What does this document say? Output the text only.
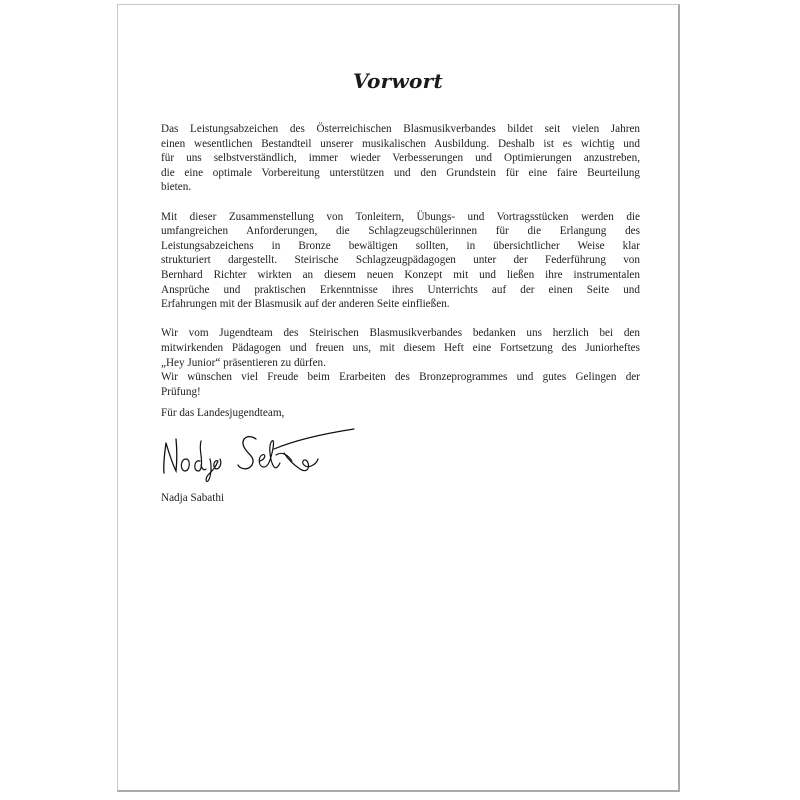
Vorwort

Das Leistungsabzeichen des Österreichischen Blasmusikverbandes bildet seit vielen Jahren
einen wesentlichen Bestandteil unserer musikalischen Ausbildung. Deshalb ist es wichtig und
für uns selbstverständlich, immer wieder Verbesserungen und Optimierungen anzustreben,
die eine optimale Vorbereitung unterstützen und den Grundstein für eine faire Beurteilung
bieten.

Mit dieser Zusammenstellung von Tonleitern, Übungs- und Vortragsstücken werden die
umfangreichen Anforderungen, die Schlagzeugschülerinnen für die Erlangung des
Leistungsabzeichens in Bronze bewältigen sollten, in übersichtlicher Weise klar
strukturiert dargestellt. Steirische Schlagzeugpädagogen unter der Federführung von
Bernhard Richter wirkten an diesem neuen Konzept mit und ließen ihre instrumentalen
Ansprüche und praktischen Erkenntnisse ihres Unterrichts auf der einen Seite und
Erfahrungen mit der Blasmusik auf der anderen Seite einfließen.

Wir vom Jugendteam des Steirischen Blasmusikverbandes bedanken uns herzlich bei den
mitwirkenden Pädagogen und freuen uns, mit diesem Heft eine Fortsetzung des Juniorheftes
„Hey Junior“ präsentieren zu dürfen.
Wir wünschen viel Freude beim Erarbeiten des Bronzeprogrammes und gutes Gelingen der
Prüfung!

Für das Landesjugendteam,
Nadja Sabathi
